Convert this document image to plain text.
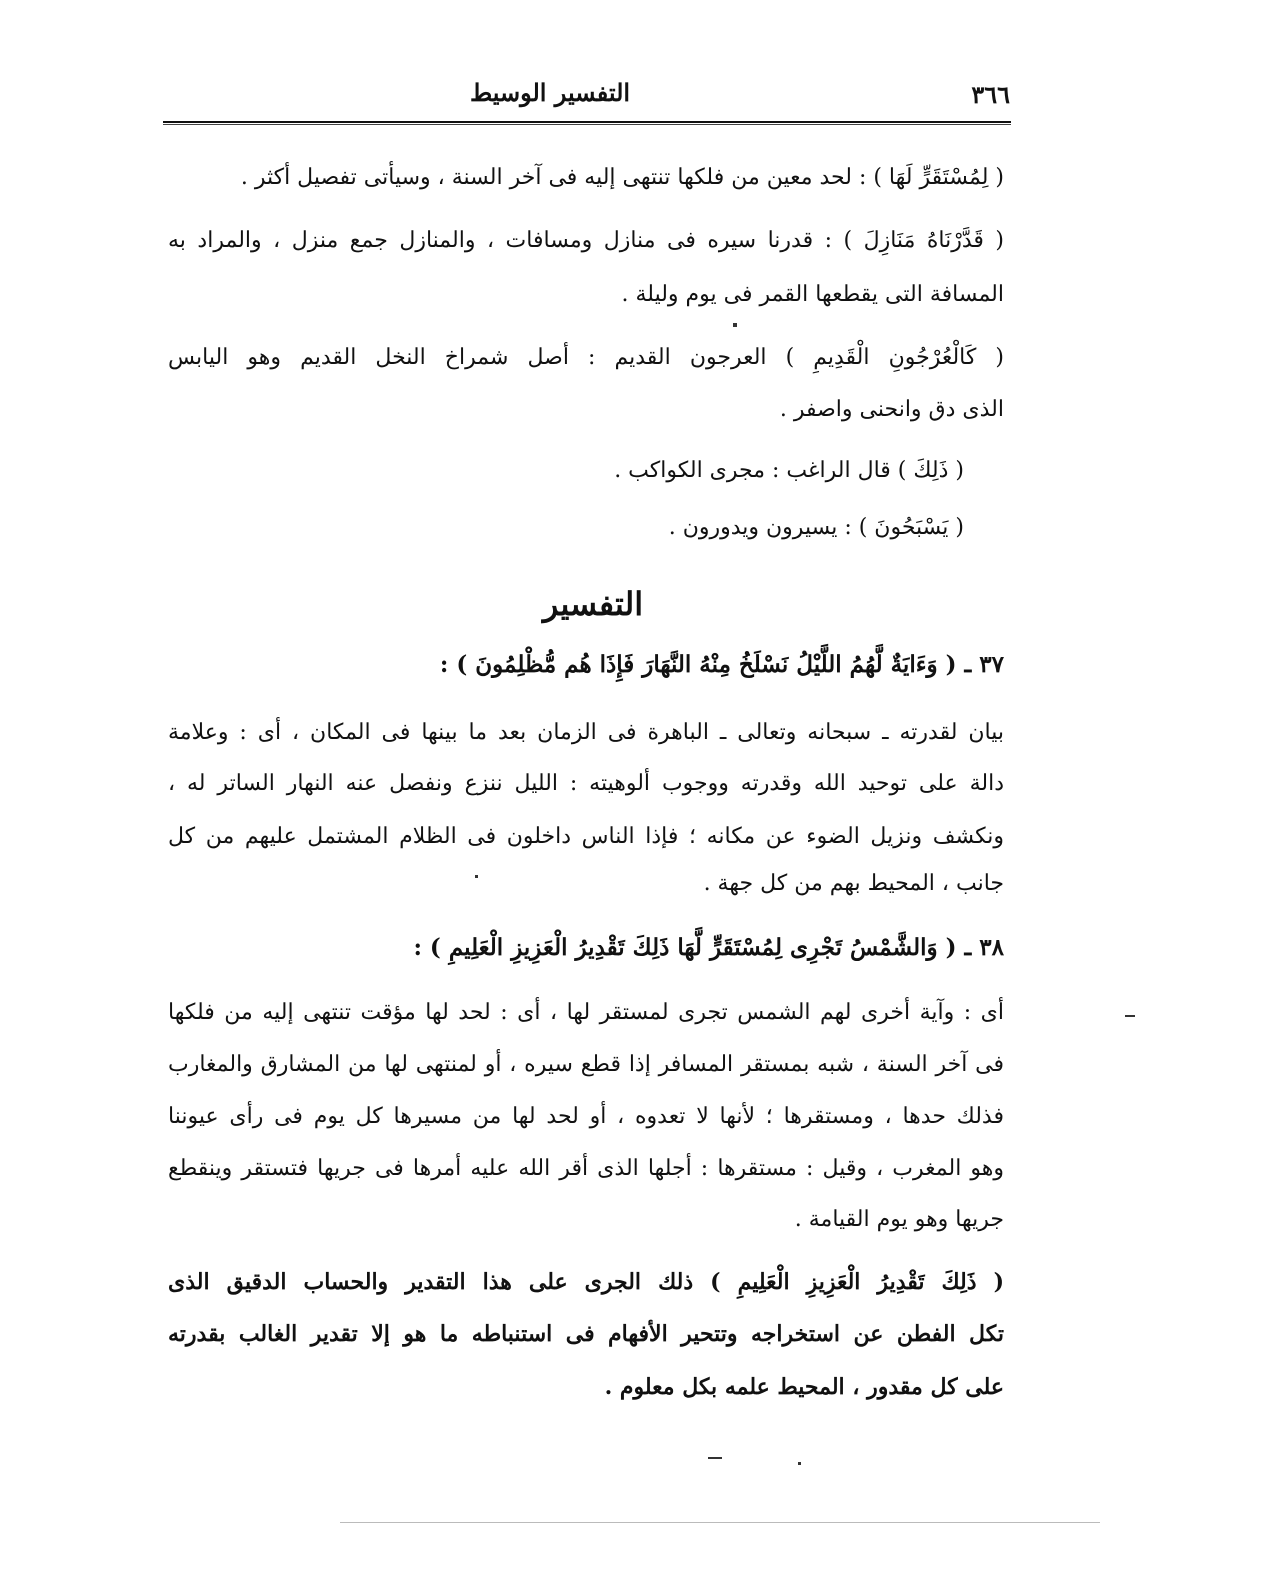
التفسير الوسيط	٣٦٦
( لِمُسْتَقَرٍّ لَهَا ) : لحد معين من فلكها تنتهى إليه فى آخر السنة ، وسيأتى تفصيل أكثر .
( قَدَّرْنَاهُ مَنَازِلَ ) : قدرنا سيره فى منازل ومسافات ، والمنازل جمع منزل ، والمراد به
المسافة التى يقطعها القمر فى يوم وليلة .
( كَالْعُرْجُونِ الْقَدِيمِ ) العرجون القديم : أصل شمراخ النخل القديم وهو اليابس
الذى دق وانحنى واصفر .
( ذَلِكَ ) قال الراغب : مجرى الكواكب .
( يَسْبَحُونَ ) : يسيرون ويدورون .
التفسير
٣٧ ـ ( وَءَايَةٌ لَّهُمُ اللَّيْلُ نَسْلَخُ مِنْهُ النَّهَارَ فَإِذَا هُم مُّظْلِمُونَ ) :
بيان لقدرته ـ سبحانه وتعالى ـ الباهرة فى الزمان بعد ما بينها فى المكان ، أى : وعلامة
دالة على توحيد الله وقدرته ووجوب ألوهيته : الليل ننزع ونفصل عنه النهار الساتر له ،
ونكشف ونزيل الضوء عن مكانه ؛ فإذا الناس داخلون فى الظلام المشتمل عليهم من كل
جانب ، المحيط بهم من كل جهة .
٣٨ ـ ( وَالشَّمْسُ تَجْرِى لِمُسْتَقَرٍّ لَّهَا ذَلِكَ تَقْدِيرُ الْعَزِيزِ الْعَلِيمِ ) :
أى : وآية أخرى لهم الشمس تجرى لمستقر لها ، أى : لحد لها مؤقت تنتهى إليه من فلكها
فى آخر السنة ، شبه بمستقر المسافر إذا قطع سيره ، أو لمنتهى لها من المشارق والمغارب
فذلك حدها ، ومستقرها ؛ لأنها لا تعدوه ، أو لحد لها من مسيرها كل يوم فى رأى عيوننا
وهو المغرب ، وقيل : مستقرها : أجلها الذى أقر الله عليه أمرها فى جريها فتستقر وينقطع
جريها وهو يوم القيامة .
( ذَلِكَ تَقْدِيرُ الْعَزِيزِ الْعَلِيمِ ) ذلك الجرى على هذا التقدير والحساب الدقيق الذى
تكل الفطن عن استخراجه وتتحير الأفهام فى استنباطه ما هو إلا تقدير الغالب بقدرته
على كل مقدور ، المحيط علمه بكل معلوم .
